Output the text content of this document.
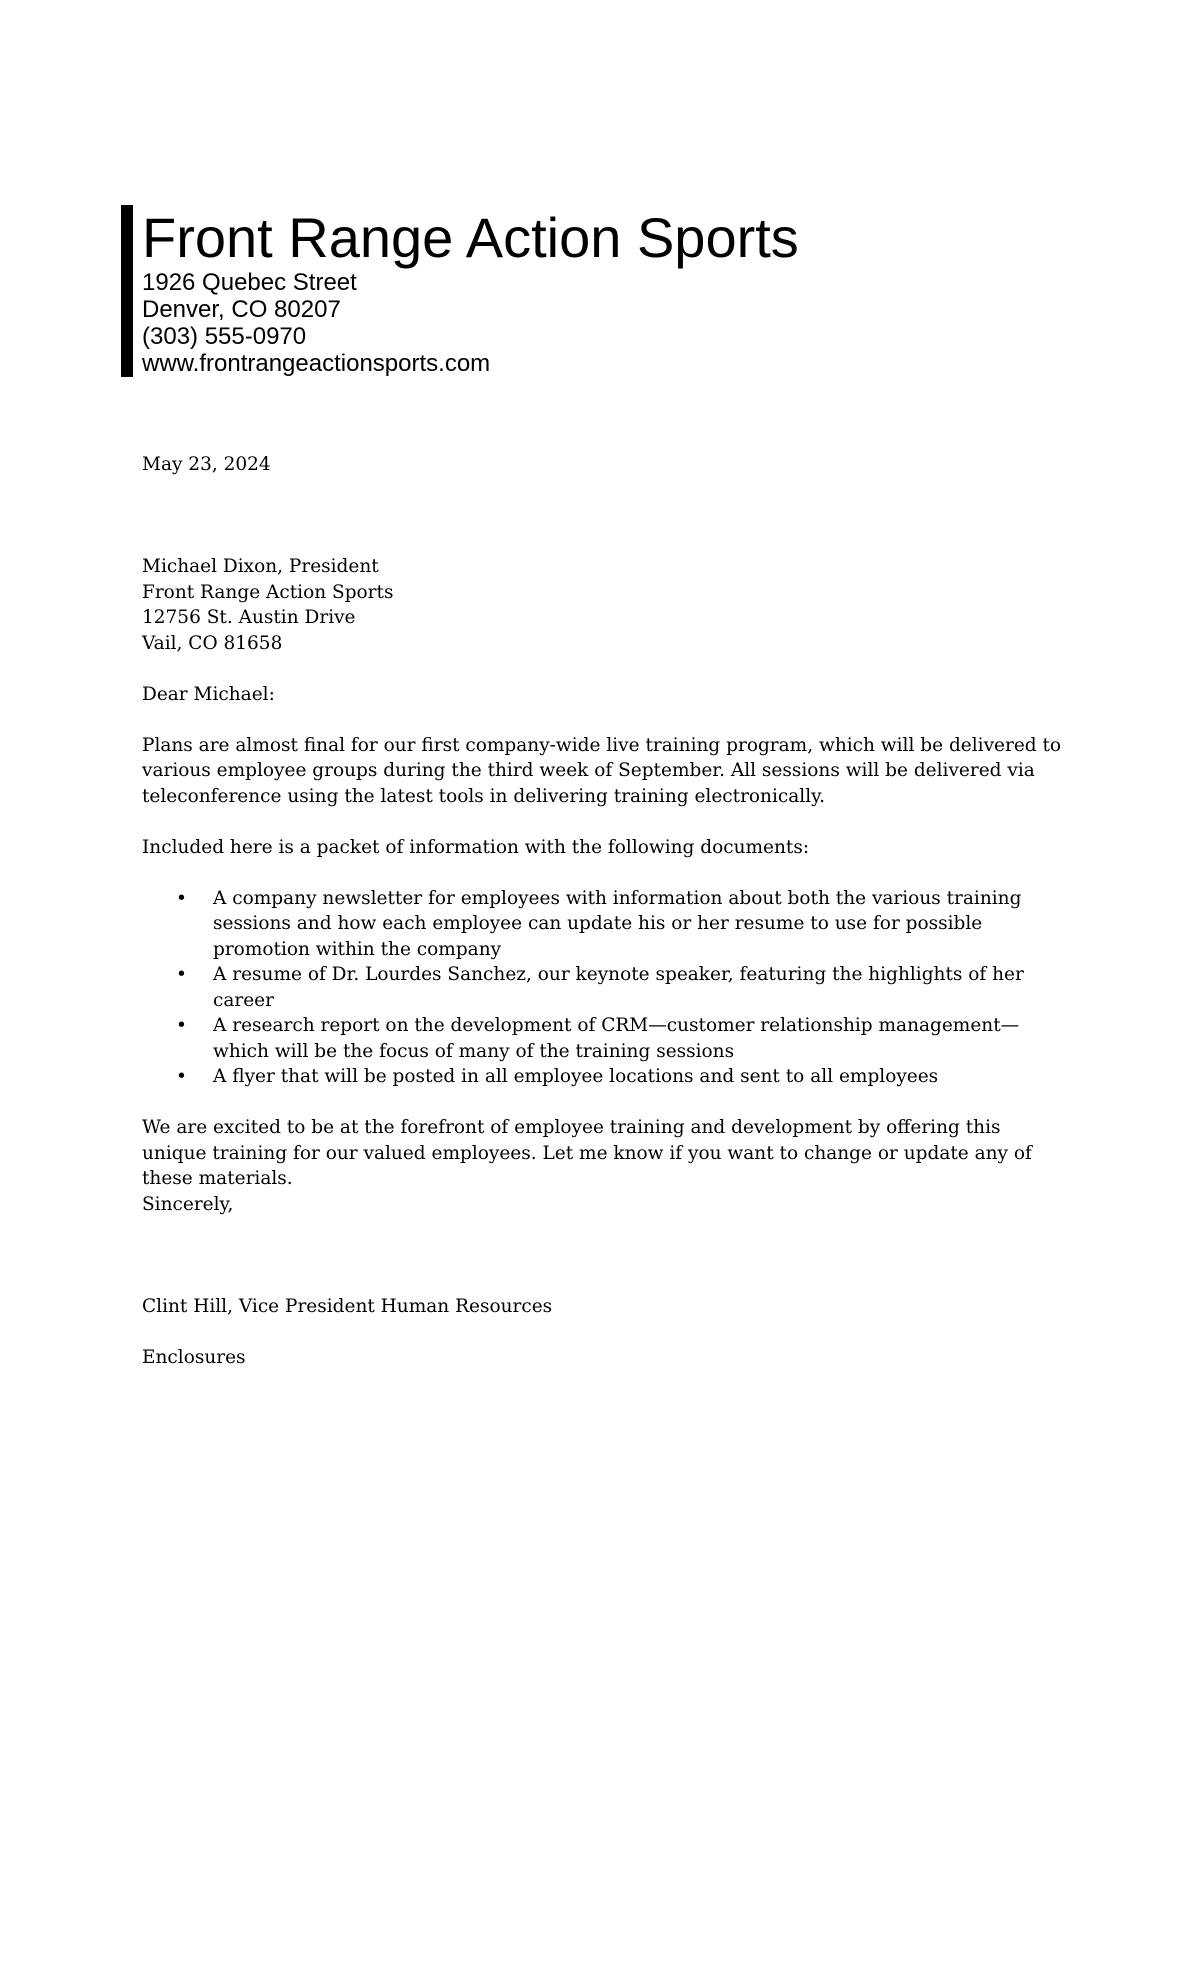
Front Range Action Sports
1926 Quebec Street
Denver, CO 80207
(303) 555-0970
www.frontrangeactionsports.com

May 23, 2024

Michael Dixon, President

Front Range Action Sports

12756 St. Austin Drive

Vail, CO 81658

Dear Michael:

Plans are almost final for our first company-wide live training program, which will be delivered to various employee groups during the third week of September. All sessions will be delivered via teleconference using the latest tools in delivering training electronically.

Included here is a packet of information with the following documents:

• A company newsletter for employees with information about both the various training sessions and how each employee can update his or her resume to use for possible promotion within the company
• A resume of Dr. Lourdes Sanchez, our keynote speaker, featuring the highlights of her career
• A research report on the development of CRM—customer relationship management—which will be the focus of many of the training sessions
• A flyer that will be posted in all employee locations and sent to all employees

We are excited to be at the forefront of employee training and development by offering this unique training for our valued employees. Let me know if you want to change or update any of these materials.

Sincerely,

Clint Hill, Vice President Human Resources

Enclosures
